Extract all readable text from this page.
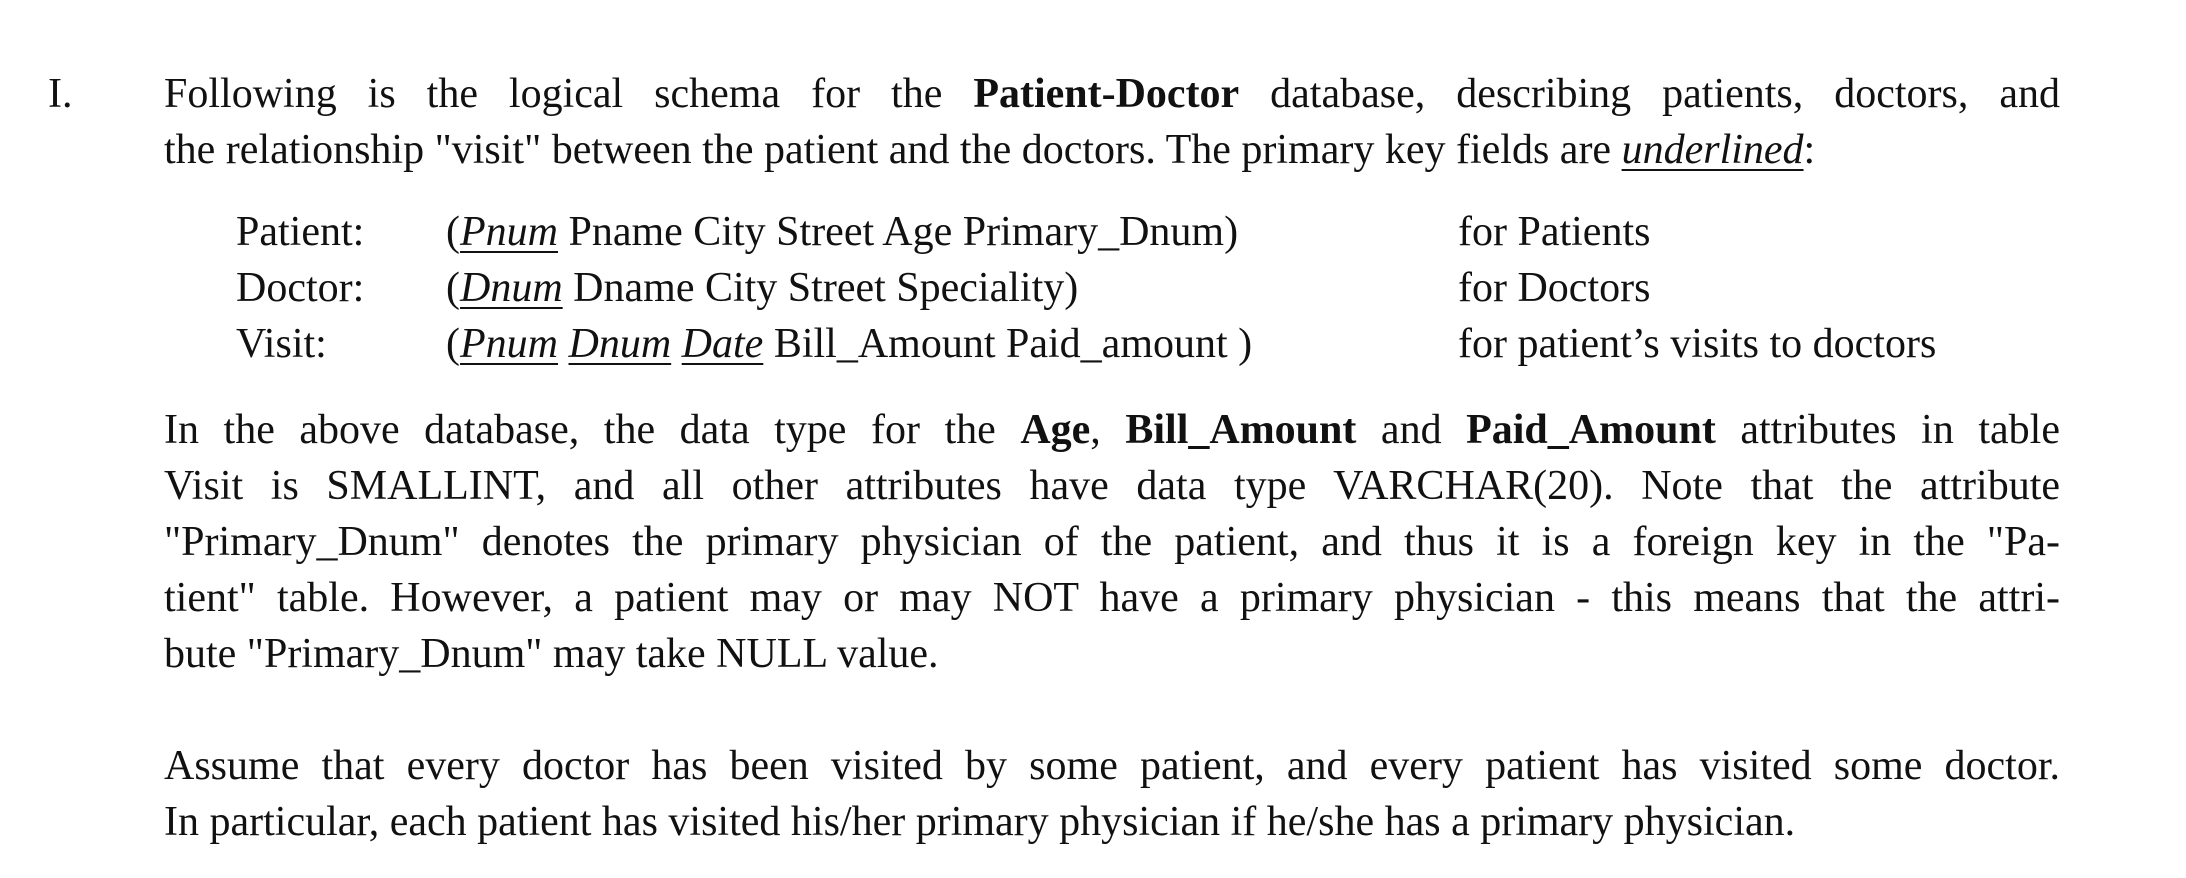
I. Following is the logical schema for the Patient-Doctor database, describing patients, doctors, and
the relationship "visit" between the patient and the doctors. The primary key fields are underlined:
Patient: (Pnum Pname City Street Age Primary_Dnum)	for Patients
Doctor: (Dnum Dname City Street Speciality)	for Doctors
Visit:	(Pnum Dnum Date Bill_Amount Paid_amount )	for patient’s visits to doctors
In the above database, the data type for the Age, Bill_Amount and Paid_Amount attributes in table
Visit is SMALLINT, and all other attributes have data type VARCHAR(20). Note that the attribute
"Primary_Dnum" denotes the primary physician of the patient, and thus it is a foreign key in the "Pa-
tient" table. However, a patient may or may NOT have a primary physician - this means that the attri-
bute "Primary_Dnum" may take NULL value.
Assume that every doctor has been visited by some patient, and every patient has visited some doctor.
In particular, each patient has visited his/her primary physician if he/she has a primary physician.
